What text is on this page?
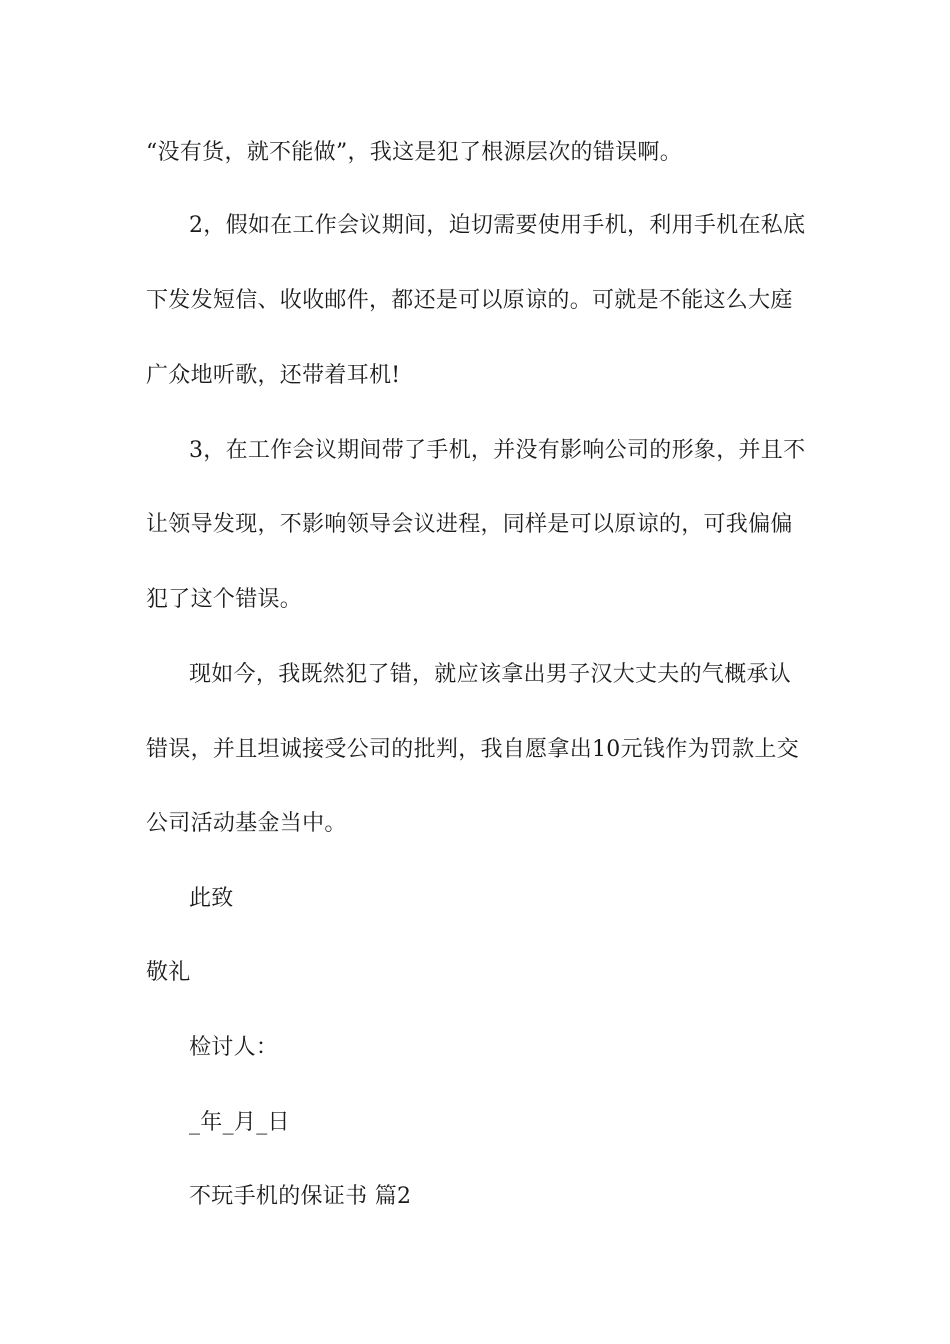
“没有货，就不能做”，我这是犯了根源层次的错误啊。
2，假如在工作会议期间，迫切需要使用手机，利用手机在私底
下发发短信、收收邮件，都还是可以原谅的。可就是不能这么大庭
广众地听歌，还带着耳机!
3，在工作会议期间带了手机，并没有影响公司的形象，并且不
让领导发现，不影响领导会议进程，同样是可以原谅的，可我偏偏
犯了这个错误。
现如今，我既然犯了错，就应该拿出男子汉大丈夫的气概承认
错误，并且坦诚接受公司的批判，我自愿拿出10元钱作为罚款上交
公司活动基金当中。
此致
敬礼
检讨人：
_年_月_日
不玩手机的保证书 篇2
